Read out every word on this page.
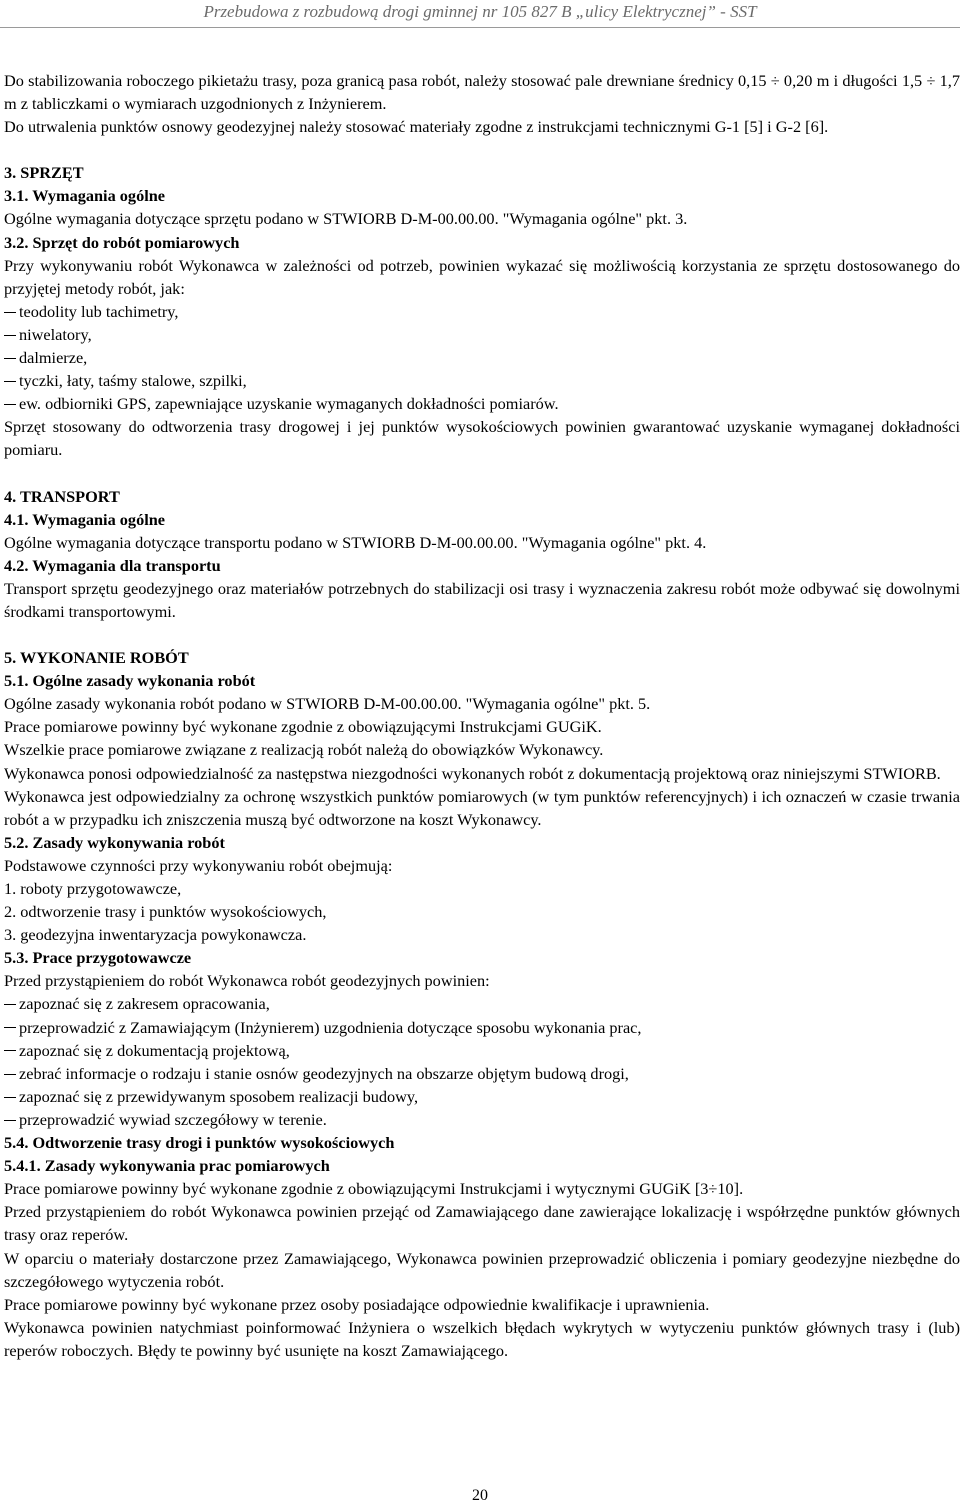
Przebudowa z rozbudową drogi gminnej nr 105 827 B „ulicy Elektrycznej” - SST

Do stabilizowania roboczego pikietażu trasy, poza granicą pasa robót, należy stosować pale drewniane średnicy 0,15 ÷ 0,20 m i długości 1,5 ÷ 1,7 m z tabliczkami o wymiarach uzgodnionych z Inżynierem.

Do utrwalenia punktów osnowy geodezyjnej należy stosować materiały zgodne z instrukcjami technicznymi G-1 [5] i G-2 [6].

3. SPRZĘT

3.1. Wymagania ogólne

Ogólne wymagania dotyczące sprzętu podano w STWIORB D-M-00.00.00. "Wymagania ogólne" pkt. 3.

3.2. Sprzęt do robót pomiarowych

Przy wykonywaniu robót Wykonawca w zależności od potrzeb, powinien wykazać się możliwością korzystania ze sprzętu dostosowanego do przyjętej metody robót, jak:

teodolity lub tachimetry,

niwelatory,

dalmierze,

tyczki, łaty, taśmy stalowe, szpilki,

ew. odbiorniki GPS, zapewniające uzyskanie wymaganych dokładności pomiarów.

Sprzęt stosowany do odtworzenia trasy drogowej i jej punktów wysokościowych powinien gwarantować uzyskanie wymaganej dokładności pomiaru.

4. TRANSPORT

4.1. Wymagania ogólne

Ogólne wymagania dotyczące transportu podano w STWIORB D-M-00.00.00. "Wymagania ogólne" pkt. 4.

4.2. Wymagania dla transportu

Transport sprzętu geodezyjnego oraz materiałów potrzebnych do stabilizacji osi trasy i wyznaczenia zakresu robót może odbywać się dowolnymi środkami transportowymi.

5. WYKONANIE ROBÓT

5.1. Ogólne zasady wykonania robót

Ogólne zasady wykonania robót podano w STWIORB D-M-00.00.00. "Wymagania ogólne" pkt. 5.

Prace pomiarowe powinny być wykonane zgodnie z obowiązującymi Instrukcjami GUGiK.

Wszelkie prace pomiarowe związane z realizacją robót należą do obowiązków Wykonawcy.

Wykonawca ponosi odpowiedzialność za następstwa niezgodności wykonanych robót z dokumentacją projektową oraz niniejszymi STWIORB.

Wykonawca jest odpowiedzialny za ochronę wszystkich punktów pomiarowych (w tym punktów referencyjnych) i ich oznaczeń w czasie trwania robót a w przypadku ich zniszczenia muszą być odtworzone na koszt Wykonawcy.

5.2. Zasady wykonywania robót

Podstawowe czynności przy wykonywaniu robót obejmują:

1. roboty przygotowawcze,

2. odtworzenie trasy i punktów wysokościowych,

3. geodezyjna inwentaryzacja powykonawcza.

5.3. Prace przygotowawcze

Przed przystąpieniem do robót Wykonawca robót geodezyjnych powinien:

zapoznać się z zakresem opracowania,

przeprowadzić z Zamawiającym (Inżynierem) uzgodnienia dotyczące sposobu wykonania prac,

zapoznać się z dokumentacją projektową,

zebrać informacje o rodzaju i stanie osnów geodezyjnych na obszarze objętym budową drogi,

zapoznać się z przewidywanym sposobem realizacji budowy,

przeprowadzić wywiad szczegółowy w terenie.

5.4. Odtworzenie trasy drogi i punktów wysokościowych

5.4.1. Zasady wykonywania prac pomiarowych

Prace pomiarowe powinny być wykonane zgodnie z obowiązującymi Instrukcjami i wytycznymi GUGiK [3÷10].

Przed przystąpieniem do robót Wykonawca powinien przejąć od Zamawiającego dane zawierające lokalizację i współrzędne punktów głównych trasy oraz reperów.

W oparciu o materiały dostarczone przez Zamawiającego, Wykonawca powinien przeprowadzić obliczenia i pomiary geodezyjne niezbędne do szczegółowego wytyczenia robót.

Prace pomiarowe powinny być wykonane przez osoby posiadające odpowiednie kwalifikacje i uprawnienia.

Wykonawca powinien natychmiast poinformować Inżyniera o wszelkich błędach wykrytych w wytyczeniu punktów głównych trasy i (lub) reperów roboczych. Błędy te powinny być usunięte na koszt Zamawiającego.

20
